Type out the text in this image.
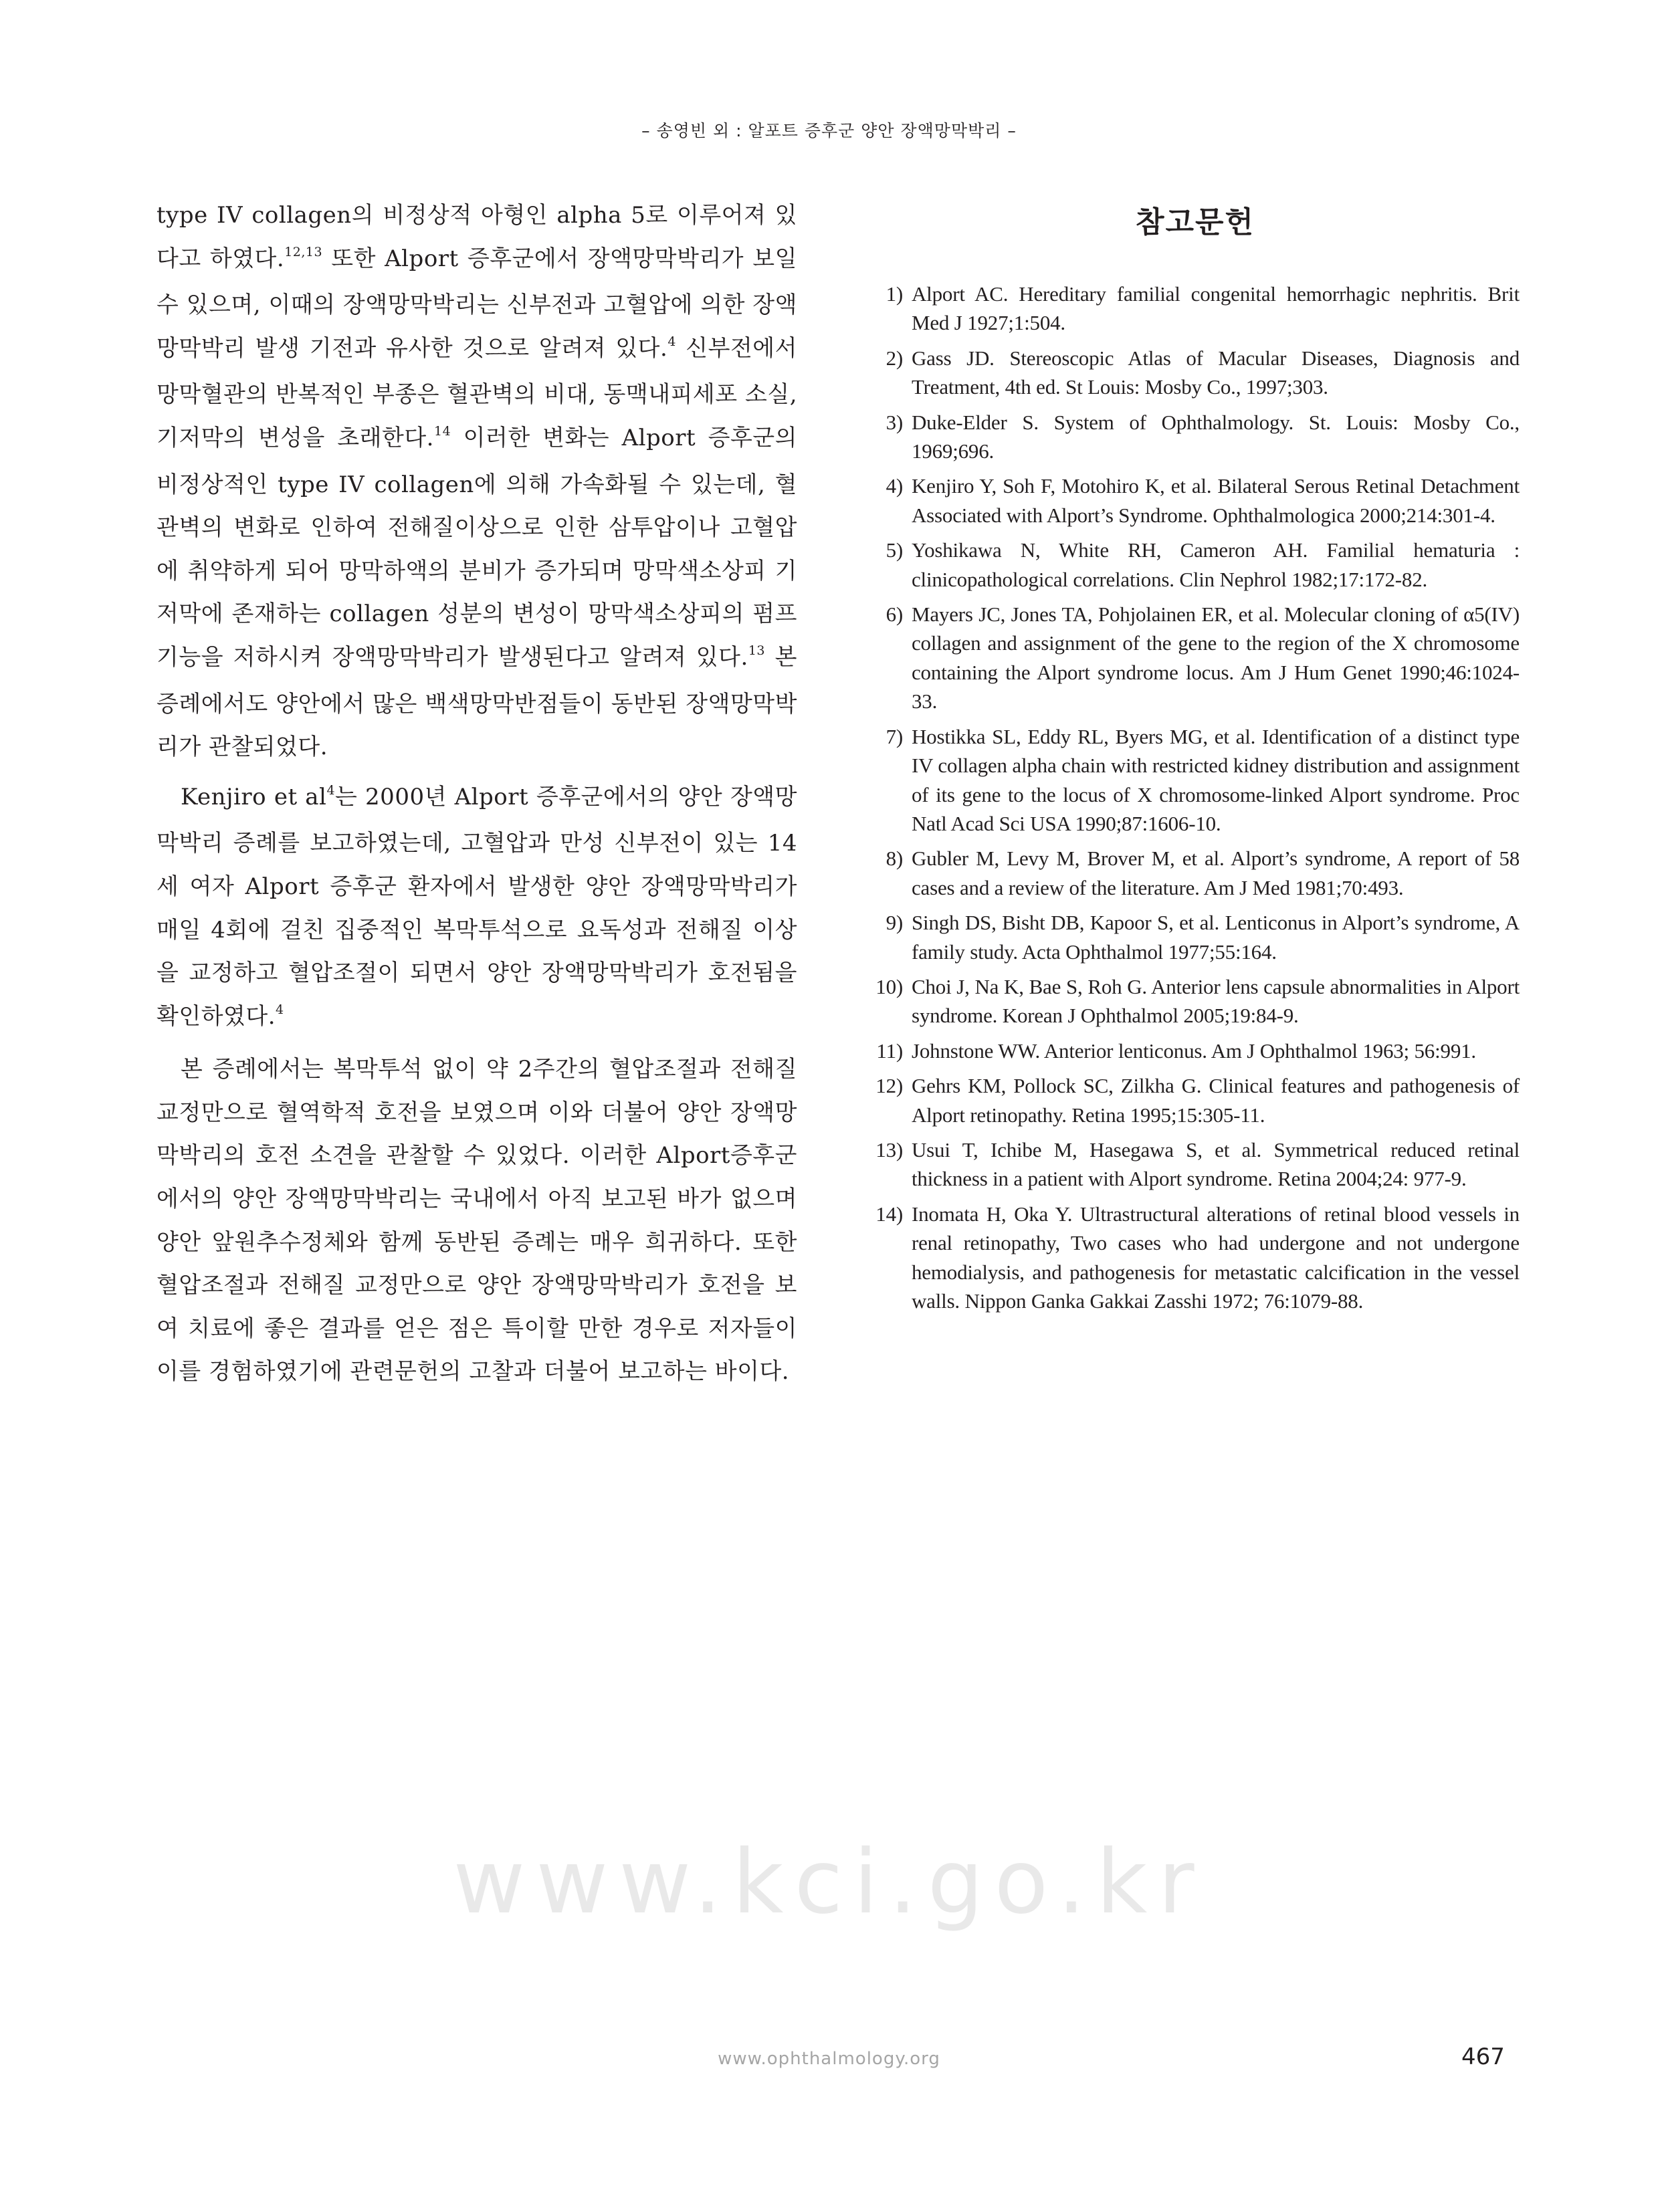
– 송영빈 외 : 알포트 증후군 양안 장액망막박리 –

type IV collagen의 비정상적 아형인 alpha 5로 이루어져 있다고 하였다.$^{12,13}$ 또한 Alport 증후군에서 장액망막박리가 보일 수 있으며, 이때의 장액망막박리는 신부전과 고혈압에 의한 장액망막박리 발생 기전과 유사한 것으로 알려져 있다.$^4$ 신부전에서 망막혈관의 반복적인 부종은 혈관벽의 비대, 동맥내피세포 소실, 기저막의 변성을 초래한다.$^{14}$ 이러한 변화는 Alport 증후군의 비정상적인 type IV collagen에 의해 가속화될 수 있는데, 혈관벽의 변화로 인하여 전해질이상으로 인한 삼투압이나 고혈압에 취약하게 되어 망막하액의 분비가 증가되며 망막색소상피 기저막에 존재하는 collagen 성분의 변성이 망막색소상피의 펌프기능을 저하시켜 장액망막박리가 발생된다고 알려져 있다.$^{13}$ 본 증례에서도 양안에서 많은 백색망막반점들이 동반된 장액망막박리가 관찰되었다.

Kenjiro et $al^4$는 2000년 Alport 증후군에서의 양안 장액망막박리 증례를 보고하였는데, 고혈압과 만성 신부전이 있는 14세 여자 Alport 증후군 환자에서 발생한 양안 장액망막박리가 매일 4회에 걸친 집중적인 복막투석으로 요독성과 전해질 이상을 교정하고 혈압조절이 되면서 양안 장액망막박리가 호전됨을 확인하였다.$^4$

본 증례에서는 복막투석 없이 약 2주간의 혈압조절과 전해질 교정만으로 혈역학적 호전을 보였으며 이와 더불어 양안 장액망막박리의 호전 소견을 관찰할 수 있었다. 이러한 Alport증후군에서의 양안 장액망막박리는 국내에서 아직 보고된 바가 없으며 양안 앞원추수정체와 함께 동반된 증례는 매우 희귀하다. 또한 혈압조절과 전해질 교정만으로 양안 장액망막박리가 호전을 보여 치료에 좋은 결과를 얻은 점은 특이할 만한 경우로 저자들이 이를 경험하였기에 관련문헌의 고찰과 더불어 보고하는 바이다.

참고문헌
1) Alport AC. Hereditary familial congenital hemorrhagic nephritis. Brit Med J 1927;1:504.
2) Gass JD. Stereoscopic Atlas of Macular Diseases, Diagnosis and Treatment, 4th ed. St Louis: Mosby Co., 1997;303.
3) Duke-Elder S. System of Ophthalmology. St. Louis: Mosby Co., 1969;696.
4) Kenjiro Y, Soh F, Motohiro K, et al. Bilateral Serous Retinal Detachment Associated with Alport’s Syndrome. Ophthalmologica 2000;214:301-4.
5) Yoshikawa N, White RH, Cameron AH. Familial hematuria : clinicopathological correlations. Clin Nephrol 1982;17:172-82.
6) Mayers JC, Jones TA, Pohjolainen ER, et al. Molecular cloning of α5(IV) collagen and assignment of the gene to the region of the X chromosome containing the Alport syndrome locus. Am J Hum Genet 1990;46:1024-33.
7) Hostikka SL, Eddy RL, Byers MG, et al. Identification of a distinct type IV collagen alpha chain with restricted kidney distribution and assignment of its gene to the locus of X chromosome-linked Alport syndrome. Proc Natl Acad Sci USA 1990;87:1606-10.
8) Gubler M, Levy M, Brover M, et al. Alport’s syndrome, A report of 58 cases and a review of the literature. Am J Med 1981;70:493.
9) Singh DS, Bisht DB, Kapoor S, et al. Lenticonus in Alport’s syndrome, A family study. Acta Ophthalmol 1977;55:164.
10) Choi J, Na K, Bae S, Roh G. Anterior lens capsule abnormalities in Alport syndrome. Korean J Ophthalmol 2005;19:84-9.
11) Johnstone WW. Anterior lenticonus. Am J Ophthalmol 1963; 56:991.
12) Gehrs KM, Pollock SC, Zilkha G. Clinical features and pathogenesis of Alport retinopathy. Retina 1995;15:305-11.
13) Usui T, Ichibe M, Hasegawa S, et al. Symmetrical reduced retinal thickness in a patient with Alport syndrome. Retina 2004;24: 977-9.
14) Inomata H, Oka Y. Ultrastructural alterations of retinal blood vessels in renal retinopathy, Two cases who had undergone and not undergone hemodialysis, and pathogenesis for metastatic calcification in the vessel walls. Nippon Ganka Gakkai Zasshi 1972; 76:1079-88.
www.kci.go.kr
www.ophthalmology.org	467
